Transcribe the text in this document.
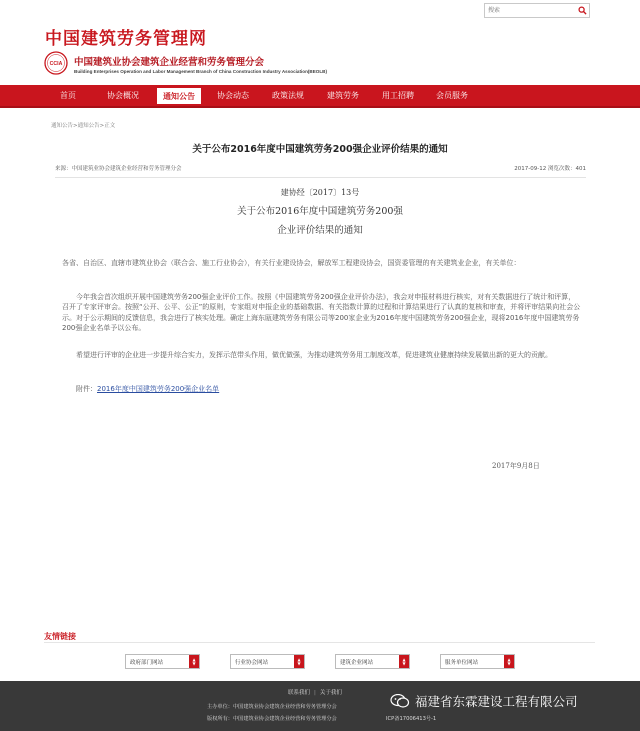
搜索
中国建筑劳务管理网
CCIA 中国建筑业协会建筑企业经营和劳务管理分会
Building Enterprises Operation and Labor Management Branch of China Construction Industry Association(BEOLB)
首页	协会概况	通知公告	协会动态	政策法规	建筑劳务	用工招聘	会员服务
通知公告>通知公告>正文
关于公布2016年度中国建筑劳务200强企业评价结果的通知
来源：中国建筑业协会建筑企业经营和劳务管理分会	2017-09-12 浏览次数：401
建协经〔2017〕13号
关于公布2016年度中国建筑劳务200强
企业评价结果的通知
各省、自治区、直辖市建筑业协会（联合会、施工行业协会），有关行业建设协会，解放军工程建设协会，国资委管理的有关建筑业企业，有关单位：
今年我会首次组织开展中国建筑劳务200强企业评价工作。按照《中国建筑劳务200强企业评价办法》，我会对申报材料进行核实，对有关数据进行了统计和评算，召开了专家评审会。按照“公开、公平、公正”的原则，专家组对申报企业的基础数据、有关指数计算的过程和计算结果进行了认真的复核和审查，并将评审结果向社会公示。对于公示期间的反馈信息，我会进行了核实处理。确定上海东瓯建筑劳务有限公司等200家企业为2016年度中国建筑劳务200强企业，现将2016年度中国建筑劳务200强企业名单予以公布。
希望进行评审的企业进一步提升综合实力，发挥示范带头作用，做优做强，为推动建筑劳务用工制度改革，促进建筑业健康持续发展做出新的更大的贡献。
附件：2016年度中国建筑劳务200强企业名单
2017年9月8日
友情链接
政府部门网站
▲
▼	行业协会网站
▲
▼	建筑企业网站
▲
▼	服务单位网站
▲
▼
联系我们 | 关于我们
主办单位：中国建筑业协会建筑企业经营和劳务管理分会
版权所有：中国建筑业协会建筑企业经营和劳务管理分会	ICP备17006413号-1
福建省东霖建设工程有限公司
